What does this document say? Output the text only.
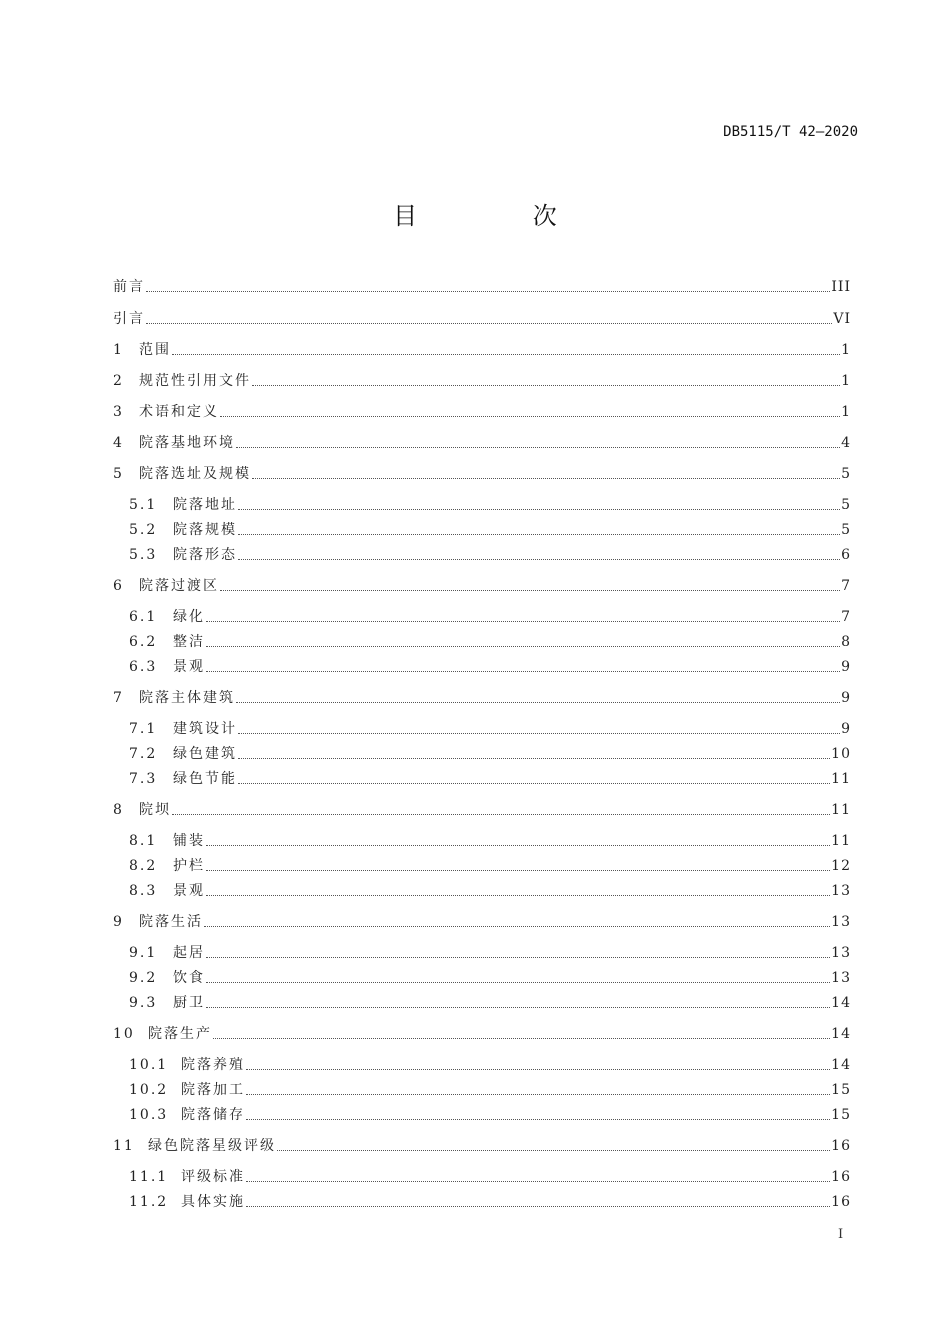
DB5115/T 42—2020
目 次
前言	III
引言	VI
1	范围	1
2	规范性引用文件	1
3	术语和定义	1
4	院落基地环境	4
5	院落选址及规模	5
5.1	院落地址	5
5.2	院落规模	5
5.3	院落形态	6
6	院落过渡区	7
6.1	绿化	7
6.2	整洁	8
6.3	景观	9
7	院落主体建筑	9
7.1	建筑设计	9
7.2	绿色建筑	10
7.3	绿色节能	11
8	院坝	11
8.1	铺装	11
8.2	护栏	12
8.3	景观	13
9	院落生活	13
9.1	起居	13
9.2	饮食	13
9.3	厨卫	14
10 院落生产	14
10.1 院落养殖	14
10.2 院落加工	15
10.3 院落储存	15
11 绿色院落星级评级	16
11.1 评级标准	16
11.2 具体实施	16
I
